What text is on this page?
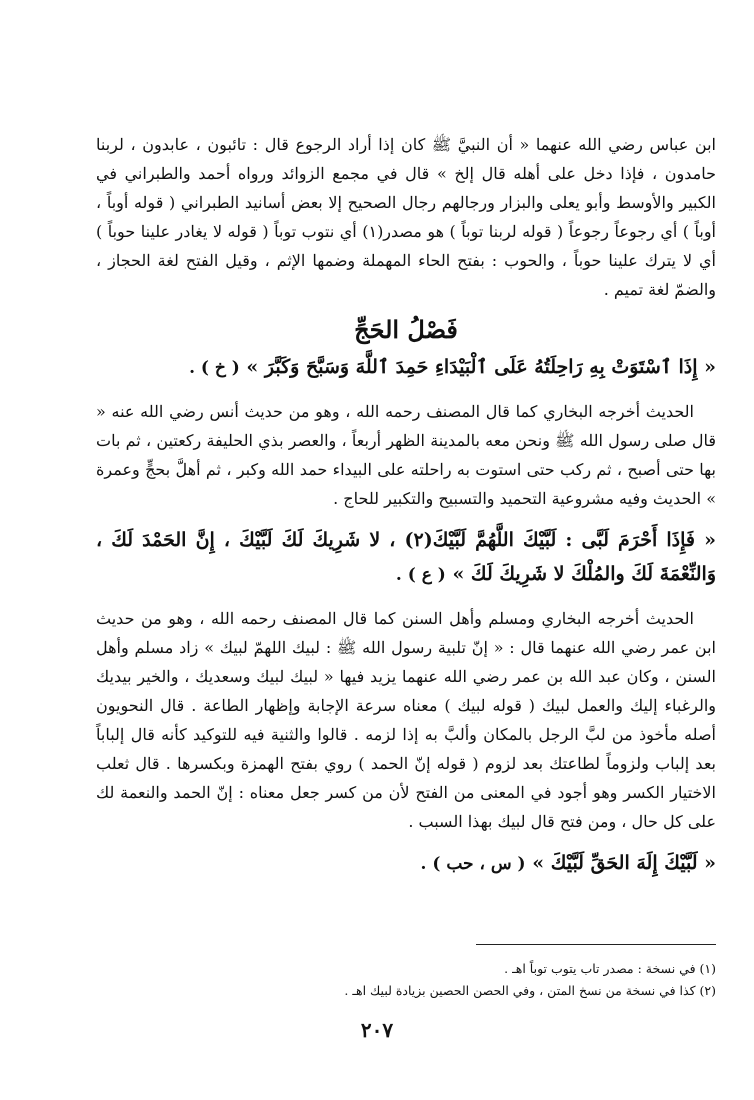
ابن عباس رضي الله عنهما « أن النبيَّ ﷺ كان إذا أراد الرجوع قال : تائبون ، عابدون ، لربنا حامدون ، فإذا دخل على أهله قال إلخ » قال في مجمع الزوائد ورواه أحمد والطبراني في الكبير والأوسط وأبو يعلى والبزار ورجالهم رجال الصحيح إلا بعض أسانيد الطبراني ( قوله أوباً ، أوباً ) أي رجوعاً رجوعاً ( قوله لربنا توباً ) هو مصدر(١) أي نتوب توباً ( قوله لا يغادر علينا حوباً ) أي لا يترك علينا حوباً ، والحوب : بفتح الحاء المهملة وضمها الإثم ، وقيل الفتح لغة الحجاز ، والضمّ لغة تميم .

فَصْلُ الحَجِّ

« إِذَا ٱسْتَوَتْ بِهِ رَاحِلَتُهُ عَلَى ٱلْبَيْدَاءِ حَمِدَ ٱللَّهَ وَسَبَّحَ وَكَبَّرَ » ( خ ) .

الحديث أخرجه البخاري كما قال المصنف رحمه الله ، وهو من حديث أنس رضي الله عنه « قال صلى رسول الله ﷺ ونحن معه بالمدينة الظهر أربعاً ، والعصر بذي الحليفة ركعتين ، ثم بات بها حتى أصبح ، ثم ركب حتى استوت به راحلته على البيداء حمد الله وكبر ، ثم أهلَّ بحجٍّ وعمرة » الحديث وفيه مشروعية التحميد والتسبيح والتكبير للحاج .

« فَإِذَا أَحْرَمَ لَبَّى : لَبَّيْكَ اللَّهُمَّ لَبَّيْكَ(٢) ، لا شَرِيكَ لَكَ لَبَّيْكَ ، إِنَّ الحَمْدَ لَكَ ، وَالنِّعْمَةَ لَكَ والمُلْكَ لا شَرِيكَ لَكَ » ( ع ) .

الحديث أخرجه البخاري ومسلم وأهل السنن كما قال المصنف رحمه الله ، وهو من حديث ابن عمر رضي الله عنهما قال : « إنّ تلبية رسول الله ﷺ : لبيك اللهمّ لبيك » زاد مسلم وأهل السنن ، وكان عبد الله بن عمر رضي الله عنهما يزيد فيها « لبيك لبيك وسعديك ، والخير بيديك والرغباء إليك والعمل لبيك ( قوله لبيك ) معناه سرعة الإجابة وإظهار الطاعة . قال النحويون أصله مأخوذ من لبَّ الرجل بالمكان وألبَّ به إذا لزمه . قالوا والثنية فيه للتوكيد كأنه قال إلباباً بعد إلباب ولزوماً لطاعتك بعد لزوم ( قوله إنّ الحمد ) روي بفتح الهمزة وبكسرها . قال ثعلب الاختيار الكسر وهو أجود في المعنى من الفتح لأن من كسر جعل معناه : إنّ الحمد والنعمة لك على كل حال ، ومن فتح قال لبيك بهذا السبب .

« لَبَّيْكَ إِلَهَ الحَقِّ لَبَّيْكَ » ( س ، حب ) .

(١) في نسخة : مصدر تاب يتوب توباً اهـ .

(٢) كذا في نسخة من نسخ المتن ، وفي الحصن الحصين بزيادة لبيك اهـ .

٢٠٧
